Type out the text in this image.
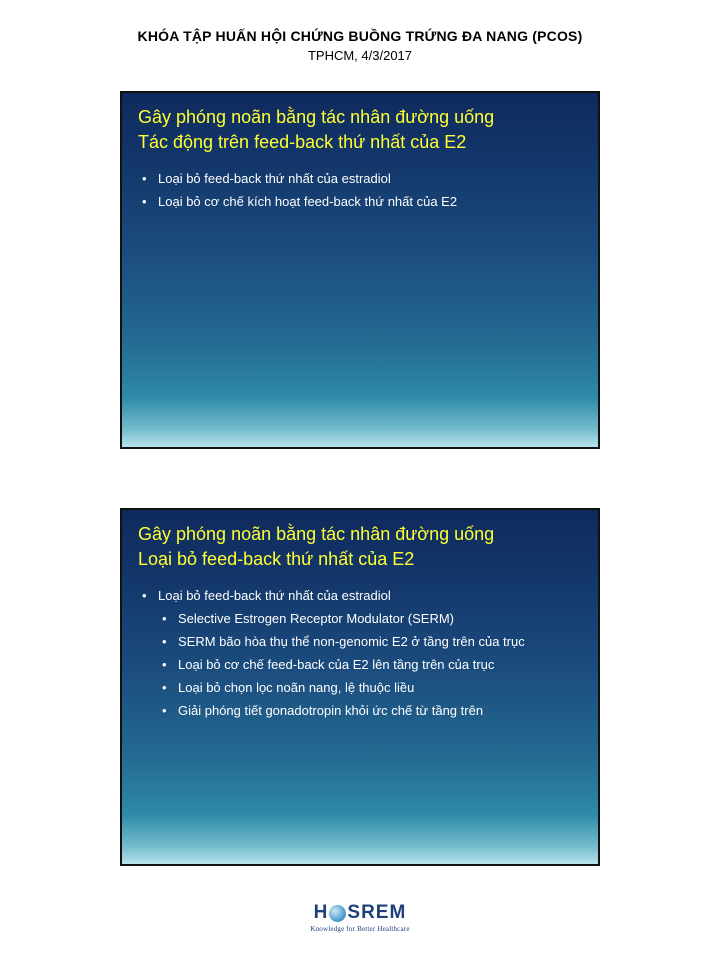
KHÓA TẬP HUẤN HỘI CHỨNG BUỒNG TRỨNG ĐA NANG (PCOS)
TPHCM, 4/3/2017
Gây phóng noãn bằng tác nhân đường uống
Tác động trên feed-back thứ nhất của E2
• Loại bỏ feed-back thứ nhất của estradiol
• Loại bỏ cơ chế kích hoạt feed-back thứ nhất của E2
Gây phóng noãn bằng tác nhân đường uống
Loại bỏ feed-back thứ nhất của E2
• Loại bỏ feed-back thứ nhất của estradiol
• Selective Estrogen Receptor Modulator (SERM)
• SERM bão hòa thụ thể non-genomic E2 ở tầng trên của trục
• Loại bỏ cơ chế feed-back của E2 lên tầng trên của trục
• Loại bỏ chọn lọc noãn nang, lệ thuộc liều
• Giải phóng tiết gonadotropin khỏi ức chế từ tầng trên
H SREM
Knowledge for Better Healthcare
